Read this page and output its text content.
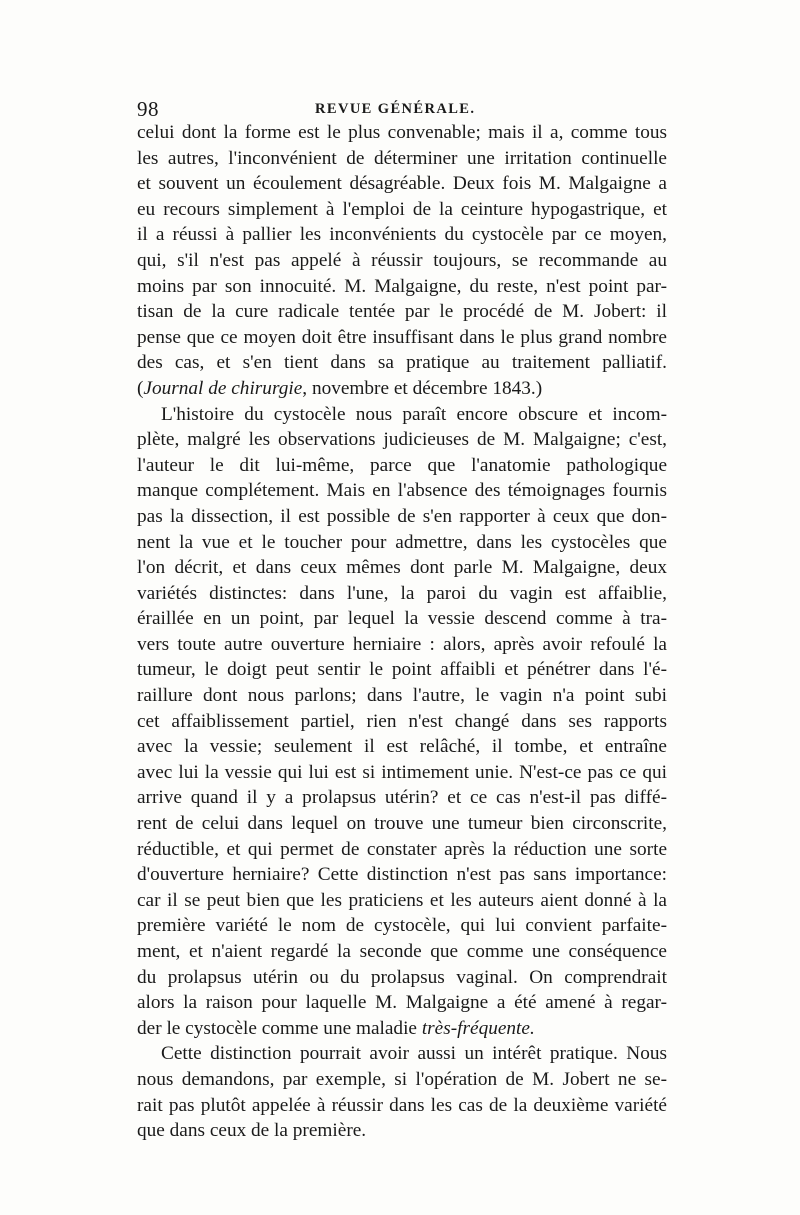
98	REVUE GÉNÉRALE.
celui dont la forme est le plus convenable; mais il a, comme tous
les autres, l'inconvénient de déterminer une irritation continuelle
et souvent un écoulement désagréable. Deux fois M. Malgaigne a
eu recours simplement à l'emploi de la ceinture hypogastrique, et
il a réussi à pallier les inconvénients du cystocèle par ce moyen,
qui, s'il n'est pas appelé à réussir toujours, se recommande au
moins par son innocuité. M. Malgaigne, du reste, n'est point par-
tisan de la cure radicale tentée par le procédé de M. Jobert: il
pense que ce moyen doit être insuffisant dans le plus grand nombre
des cas, et s'en tient dans sa pratique au traitement palliatif.
(Journal de chirurgie, novembre et décembre 1843.)
L'histoire du cystocèle nous paraît encore obscure et incom-
plète, malgré les observations judicieuses de M. Malgaigne; c'est,
l'auteur le dit lui-même, parce que l'anatomie pathologique
manque complétement. Mais en l'absence des témoignages fournis
pas la dissection, il est possible de s'en rapporter à ceux que don-
nent la vue et le toucher pour admettre, dans les cystocèles que
l'on décrit, et dans ceux mêmes dont parle M. Malgaigne, deux
variétés distinctes: dans l'une, la paroi du vagin est affaiblie,
éraillée en un point, par lequel la vessie descend comme à tra-
vers toute autre ouverture herniaire : alors, après avoir refoulé la
tumeur, le doigt peut sentir le point affaibli et pénétrer dans l'é-
raillure dont nous parlons; dans l'autre, le vagin n'a point subi
cet affaiblissement partiel, rien n'est changé dans ses rapports
avec la vessie; seulement il est relâché, il tombe, et entraîne
avec lui la vessie qui lui est si intimement unie. N'est-ce pas ce qui
arrive quand il y a prolapsus utérin? et ce cas n'est-il pas diffé-
rent de celui dans lequel on trouve une tumeur bien circonscrite,
réductible, et qui permet de constater après la réduction une sorte
d'ouverture herniaire? Cette distinction n'est pas sans importance:
car il se peut bien que les praticiens et les auteurs aient donné à la
première variété le nom de cystocèle, qui lui convient parfaite-
ment, et n'aient regardé la seconde que comme une conséquence
du prolapsus utérin ou du prolapsus vaginal. On comprendrait
alors la raison pour laquelle M. Malgaigne a été amené à regar-
der le cystocèle comme une maladie très-fréquente.
Cette distinction pourrait avoir aussi un intérêt pratique. Nous
nous demandons, par exemple, si l'opération de M. Jobert ne se-
rait pas plutôt appelée à réussir dans les cas de la deuxième variété
que dans ceux de la première.
